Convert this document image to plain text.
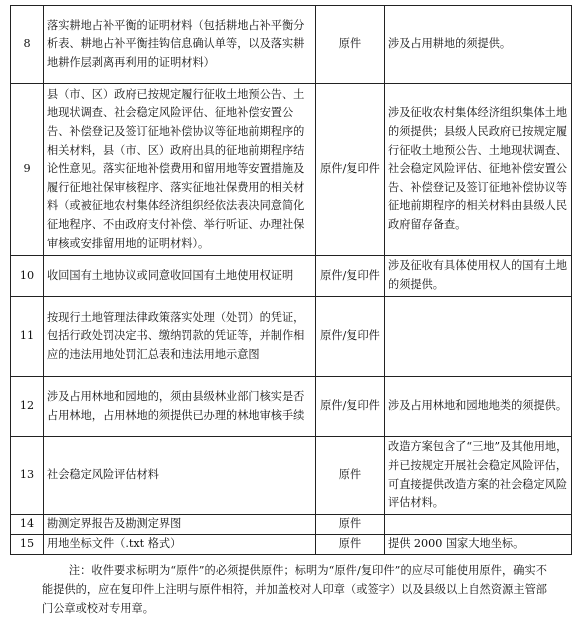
8	落实耕地占补平衡的证明材料（包括耕地占补平衡分析表、耕地占补平衡挂钩信息确认单等，以及落实耕地耕作层剥离再利用的证明材料）	原件	涉及占用耕地的须提供。
9	县（市、区）政府已按规定履行征收土地预公告、土地现状调查、社会稳定风险评估、征地补偿安置公告、补偿登记及签订征地补偿协议等征地前期程序的相关材料，县（市、区）政府出具的征地前期程序结论性意见。落实征地补偿费用和留用地等安置措施及履行征地社保审核程序、落实征地社保费用的相关材料（或被征地农村集体经济组织经依法表决同意简化征地程序、不由政府支付补偿、举行听证、办理社保审核或安排留用地的证明材料）。	原件/复印件	涉及征收农村集体经济组织集体土地的须提供；县级人民政府已按规定履行征收土地预公告、土地现状调查、社会稳定风险评估、征地补偿安置公告、补偿登记及签订征地补偿协议等征地前期程序的相关材料由县级人民政府留存备查。
10	收回国有土地协议或同意收回国有土地使用权证明	原件/复印件	涉及征收有具体使用权人的国有土地的须提供。
11	按现行土地管理法律政策落实处理（处罚）的凭证，包括行政处罚决定书、缴纳罚款的凭证等，并制作相应的违法用地处罚汇总表和违法用地示意图	原件/复印件	
12	涉及占用林地和园地的，须由县级林业部门核实是否占用林地，占用林地的须提供已办理的林地审核手续	原件/复印件	涉及占用林地和园地地类的须提供。
13	社会稳定风险评估材料	原件	改造方案包含了“三地”及其他用地，并已按规定开展社会稳定风险评估，可直接提供改造方案的社会稳定风险评估材料。
14	勘测定界报告及勘测定界图	原件	
15	用地坐标文件（.txt 格式）	原件	提供 2000 国家大地坐标。

注：收件要求标明为“原件”的必须提供原件；标明为“原件/复印件”的应尽可能使用原件，确实不能提供的，应在复印件上注明与原件相符，并加盖校对人印章（或签字）以及县级以上自然资源主管部门公章或校对专用章。
